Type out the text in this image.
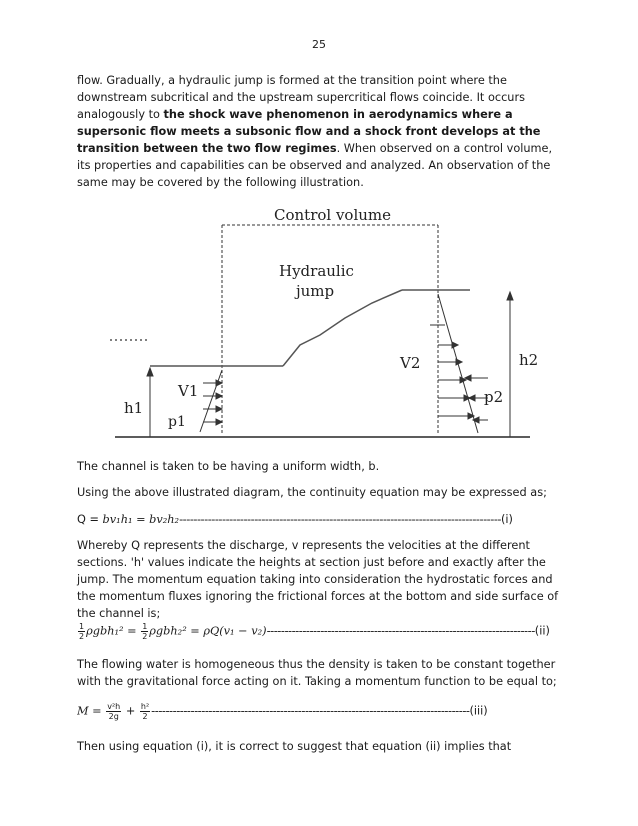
25

flow. Gradually, a hydraulic jump is formed at the transition point where the downstream subcritical and the upstream supercritical flows coincide. It occurs analogously to the shock wave phenomenon in aerodynamics where a supersonic flow meets a subsonic flow and a shock front develops at the transition between the two flow regimes. When observed on a control volume, its properties and capabilities can be observed and analyzed. An observation of the same may be covered by the following illustration.

Control volume
h1
h2
V1
p1
V2
p2
Hydraulic
jump

The channel is taken to be having a uniform width, b.

Using the above illustrated diagram, the continuity equation may be expressed as;

Q = bv₁h₁ = bv₂h₂------------------------------------------------------------------------------------------(i)

Whereby Q represents the discharge, v represents the velocities at the different sections. 'h' values indicate the heights at section just before and exactly after the jump. The momentum equation taking into consideration the hydrostatic forces and the momentum fluxes ignoring the frictional forces at the bottom and side surface of the channel is;

$\frac{1}{2} \rho gbh_1^2 = \frac{1}{2} \rho gbh_2^2 = \rho Q(v_1 - v_2)---------------------------------------------------------------------------(ii)$

The flowing water is homogeneous thus the density is taken to be constant together with the gravitational force acting on it. Taking a momentum function to be equal to;

$M = \frac{\text{v²h}}{2g} + \frac{\text{h²}}{2} -----------------------------------------------------------------------------------------(iii)$

Then using equation (i), it is correct to suggest that equation (ii) implies that
